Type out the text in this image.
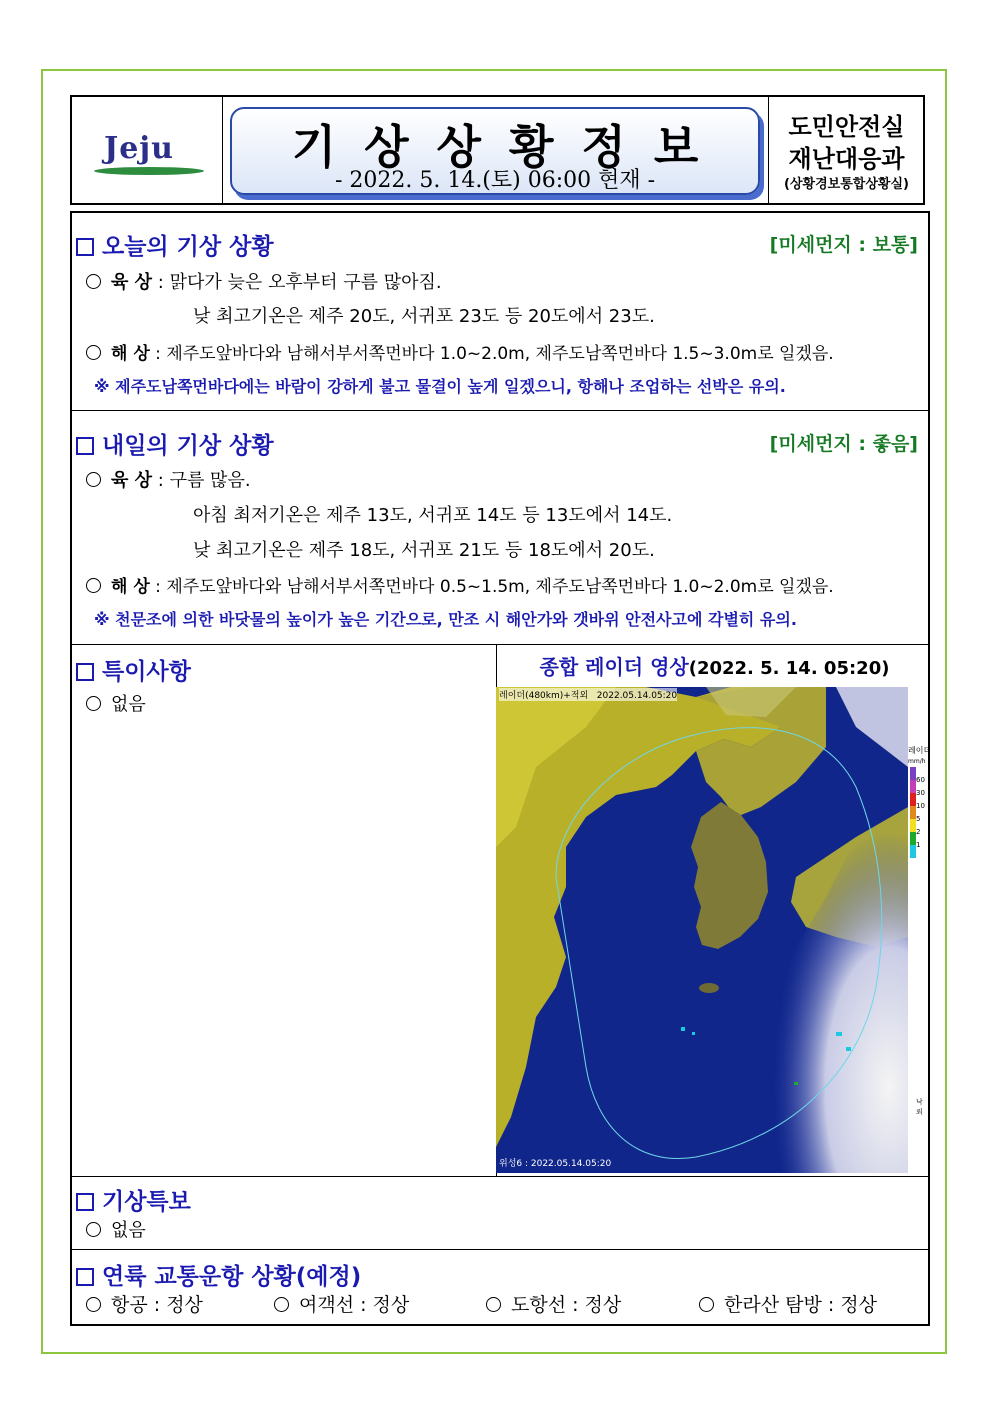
Jeju	기상상황정보
- 2022. 5. 14.(토) 06:00 현재 -
도민안전실
재난대응과
(상황경보통합상황실)
오늘의 기상 상황	[미세먼지 : 보통]
육 상 : 맑다가 늦은 오후부터 구름 많아짐.
낮 최고기온은 제주 20도, 서귀포 23도 등 20도에서 23도.
해 상 : 제주도앞바다와 남해서부서쪽먼바다 1.0~2.0m, 제주도남쪽먼바다 1.5~3.0m로 일겠음.
※ 제주도남쪽먼바다에는 바람이 강하게 불고 물결이 높게 일겠으니, 항해나 조업하는 선박은 유의.
내일의 기상 상황	[미세먼지 : 좋음]
육 상 : 구름 많음.
아침 최저기온은 제주 13도, 서귀포 14도 등 13도에서 14도.
낮 최고기온은 제주 18도, 서귀포 21도 등 18도에서 20도.
해 상 : 제주도앞바다와 남해서부서쪽먼바다 0.5~1.5m, 제주도남쪽먼바다 1.0~2.0m로 일겠음.
※ 천문조에 의한 바닷물의 높이가 높은 기간으로, 만조 시 해안가와 갯바위 안전사고에 각별히 유의.
특이사항
없음
종합 레이더 영상(2022. 5. 14. 05:20)
레이더(480km)+적외 2022.05.14.05:20
위성6 : 2022.05.14.05:20
레이더
mm/h
60
30
10
5
2
1
낙뢰
기상특보
없음
연륙 교통운항 상황(예정)
항공 : 정상	여객선 : 정상	도항선 : 정상	한라산 탐방 : 정상
